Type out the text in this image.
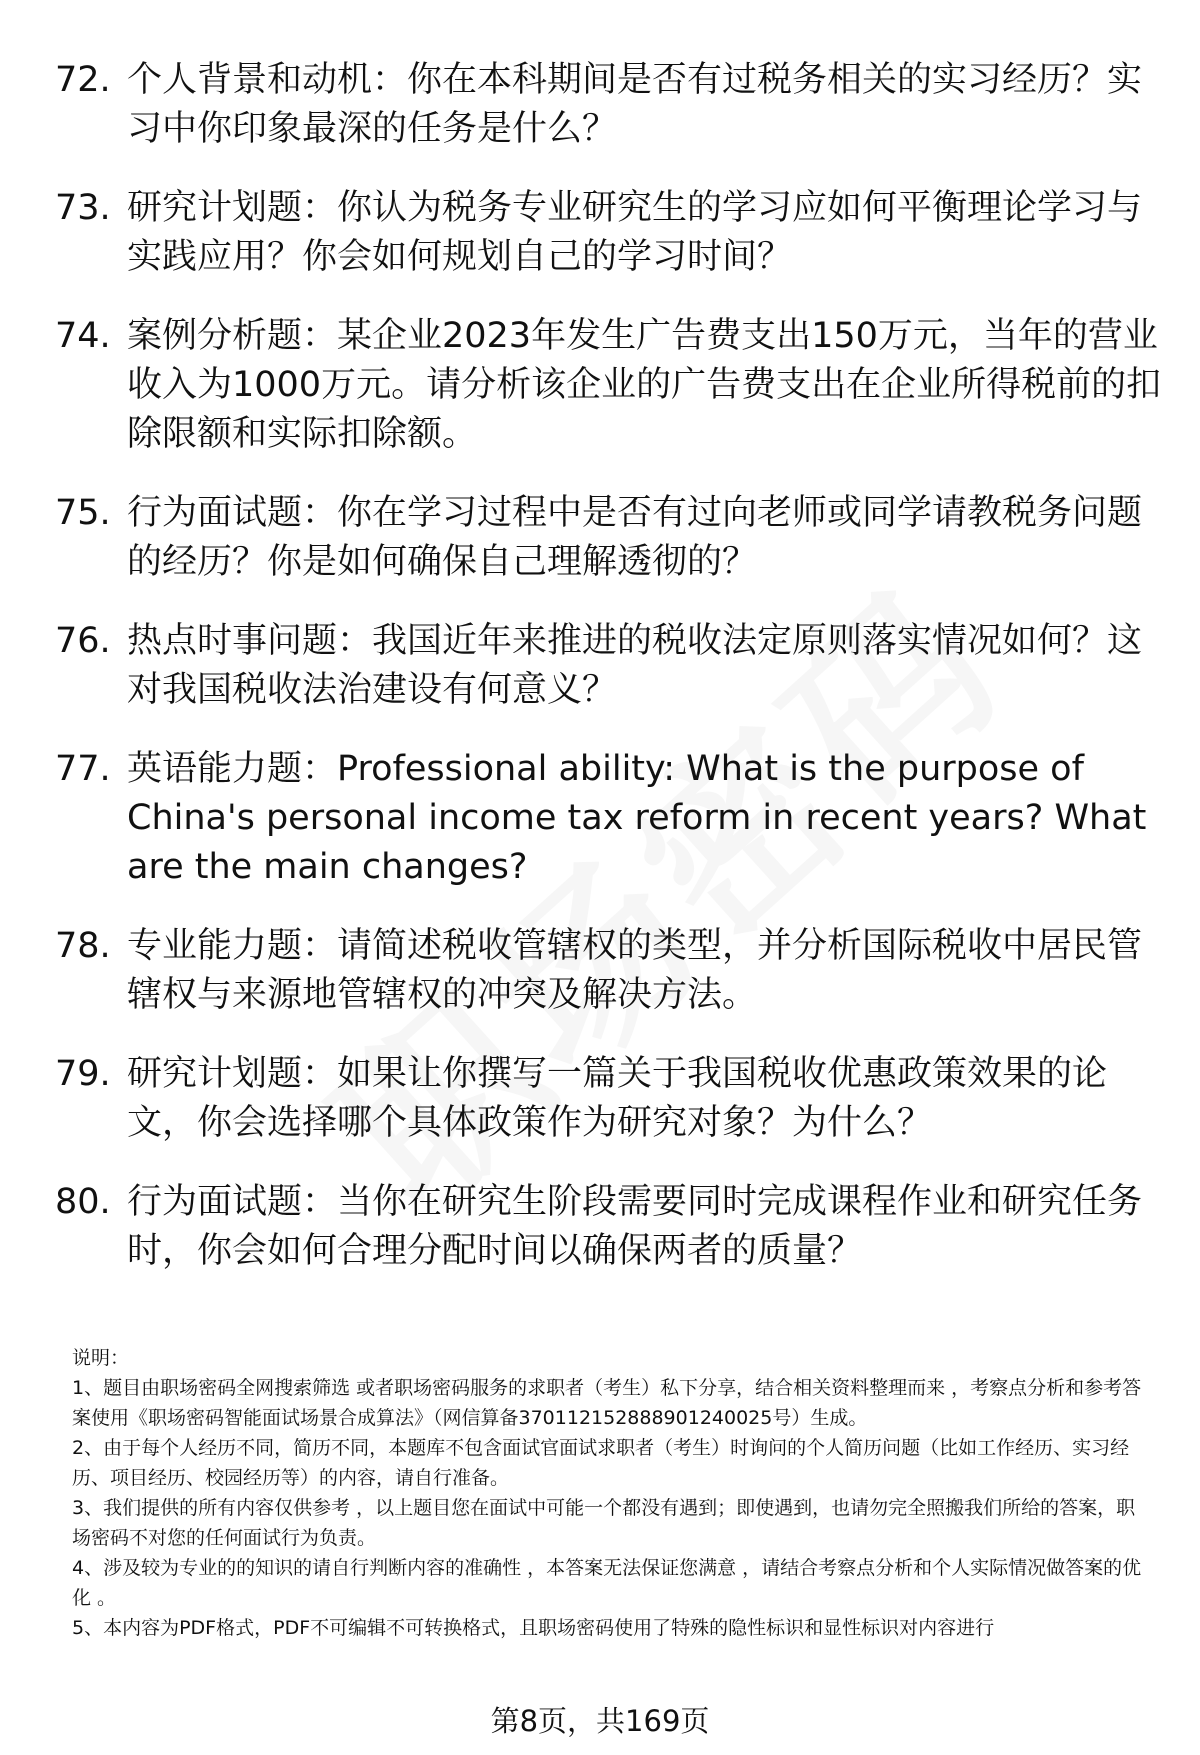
72. 个人背景和动机：你在本科期间是否有过税务相关的实习经历？实习中你印象最深的任务是什么？
73. 研究计划题：你认为税务专业研究生的学习应如何平衡理论学习与实践应用？你会如何规划自己的学习时间？
74. 案例分析题：某企业2023年发生广告费支出150万元，当年的营业收入为1000万元。请分析该企业的广告费支出在企业所得税前的扣除限额和实际扣除额。
75. 行为面试题：你在学习过程中是否有过向老师或同学请教税务问题的经历？你是如何确保自己理解透彻的？
76. 热点时事问题：我国近年来推进的税收法定原则落实情况如何？这对我国税收法治建设有何意义？
77. 英语能力题：Professional ability: What is the purpose of China's personal income tax reform in recent years? What are the main changes?
78. 专业能力题：请简述税收管辖权的类型，并分析国际税收中居民管辖权与来源地管辖权的冲突及解决方法。
79. 研究计划题：如果让你撰写一篇关于我国税收优惠政策效果的论文，你会选择哪个具体政策作为研究对象？为什么？
80. 行为面试题：当你在研究生阶段需要同时完成课程作业和研究任务时，你会如何合理分配时间以确保两者的质量？

说明：

1、题目由职场密码全网搜索筛选 或者职场密码服务的求职者（考生）私下分享，结合相关资料整理而来 ，考察点分析和参考答案使用《职场密码智能面试场景合成算法》（网信算备370112152888901240025号）生成。

2、由于每个人经历不同，简历不同，本题库不包含面试官面试求职者（考生）时询问的个人简历问题（比如工作经历、实习经历、项目经历、校园经历等）的内容，请自行准备。

3、我们提供的所有内容仅供参考 ，以上题目您在面试中可能一个都没有遇到；即使遇到，也请勿完全照搬我们所给的答案，职场密码不对您的任何面试行为负责。

4、涉及较为专业的的知识的请自行判断内容的准确性 ，本答案无法保证您满意 ，请结合考察点分析和个人实际情况做答案的优化 。

5、本内容为PDF格式，PDF不可编辑不可转换格式，且职场密码使用了特殊的隐性标识和显性标识对内容进行

第8页，共169页
